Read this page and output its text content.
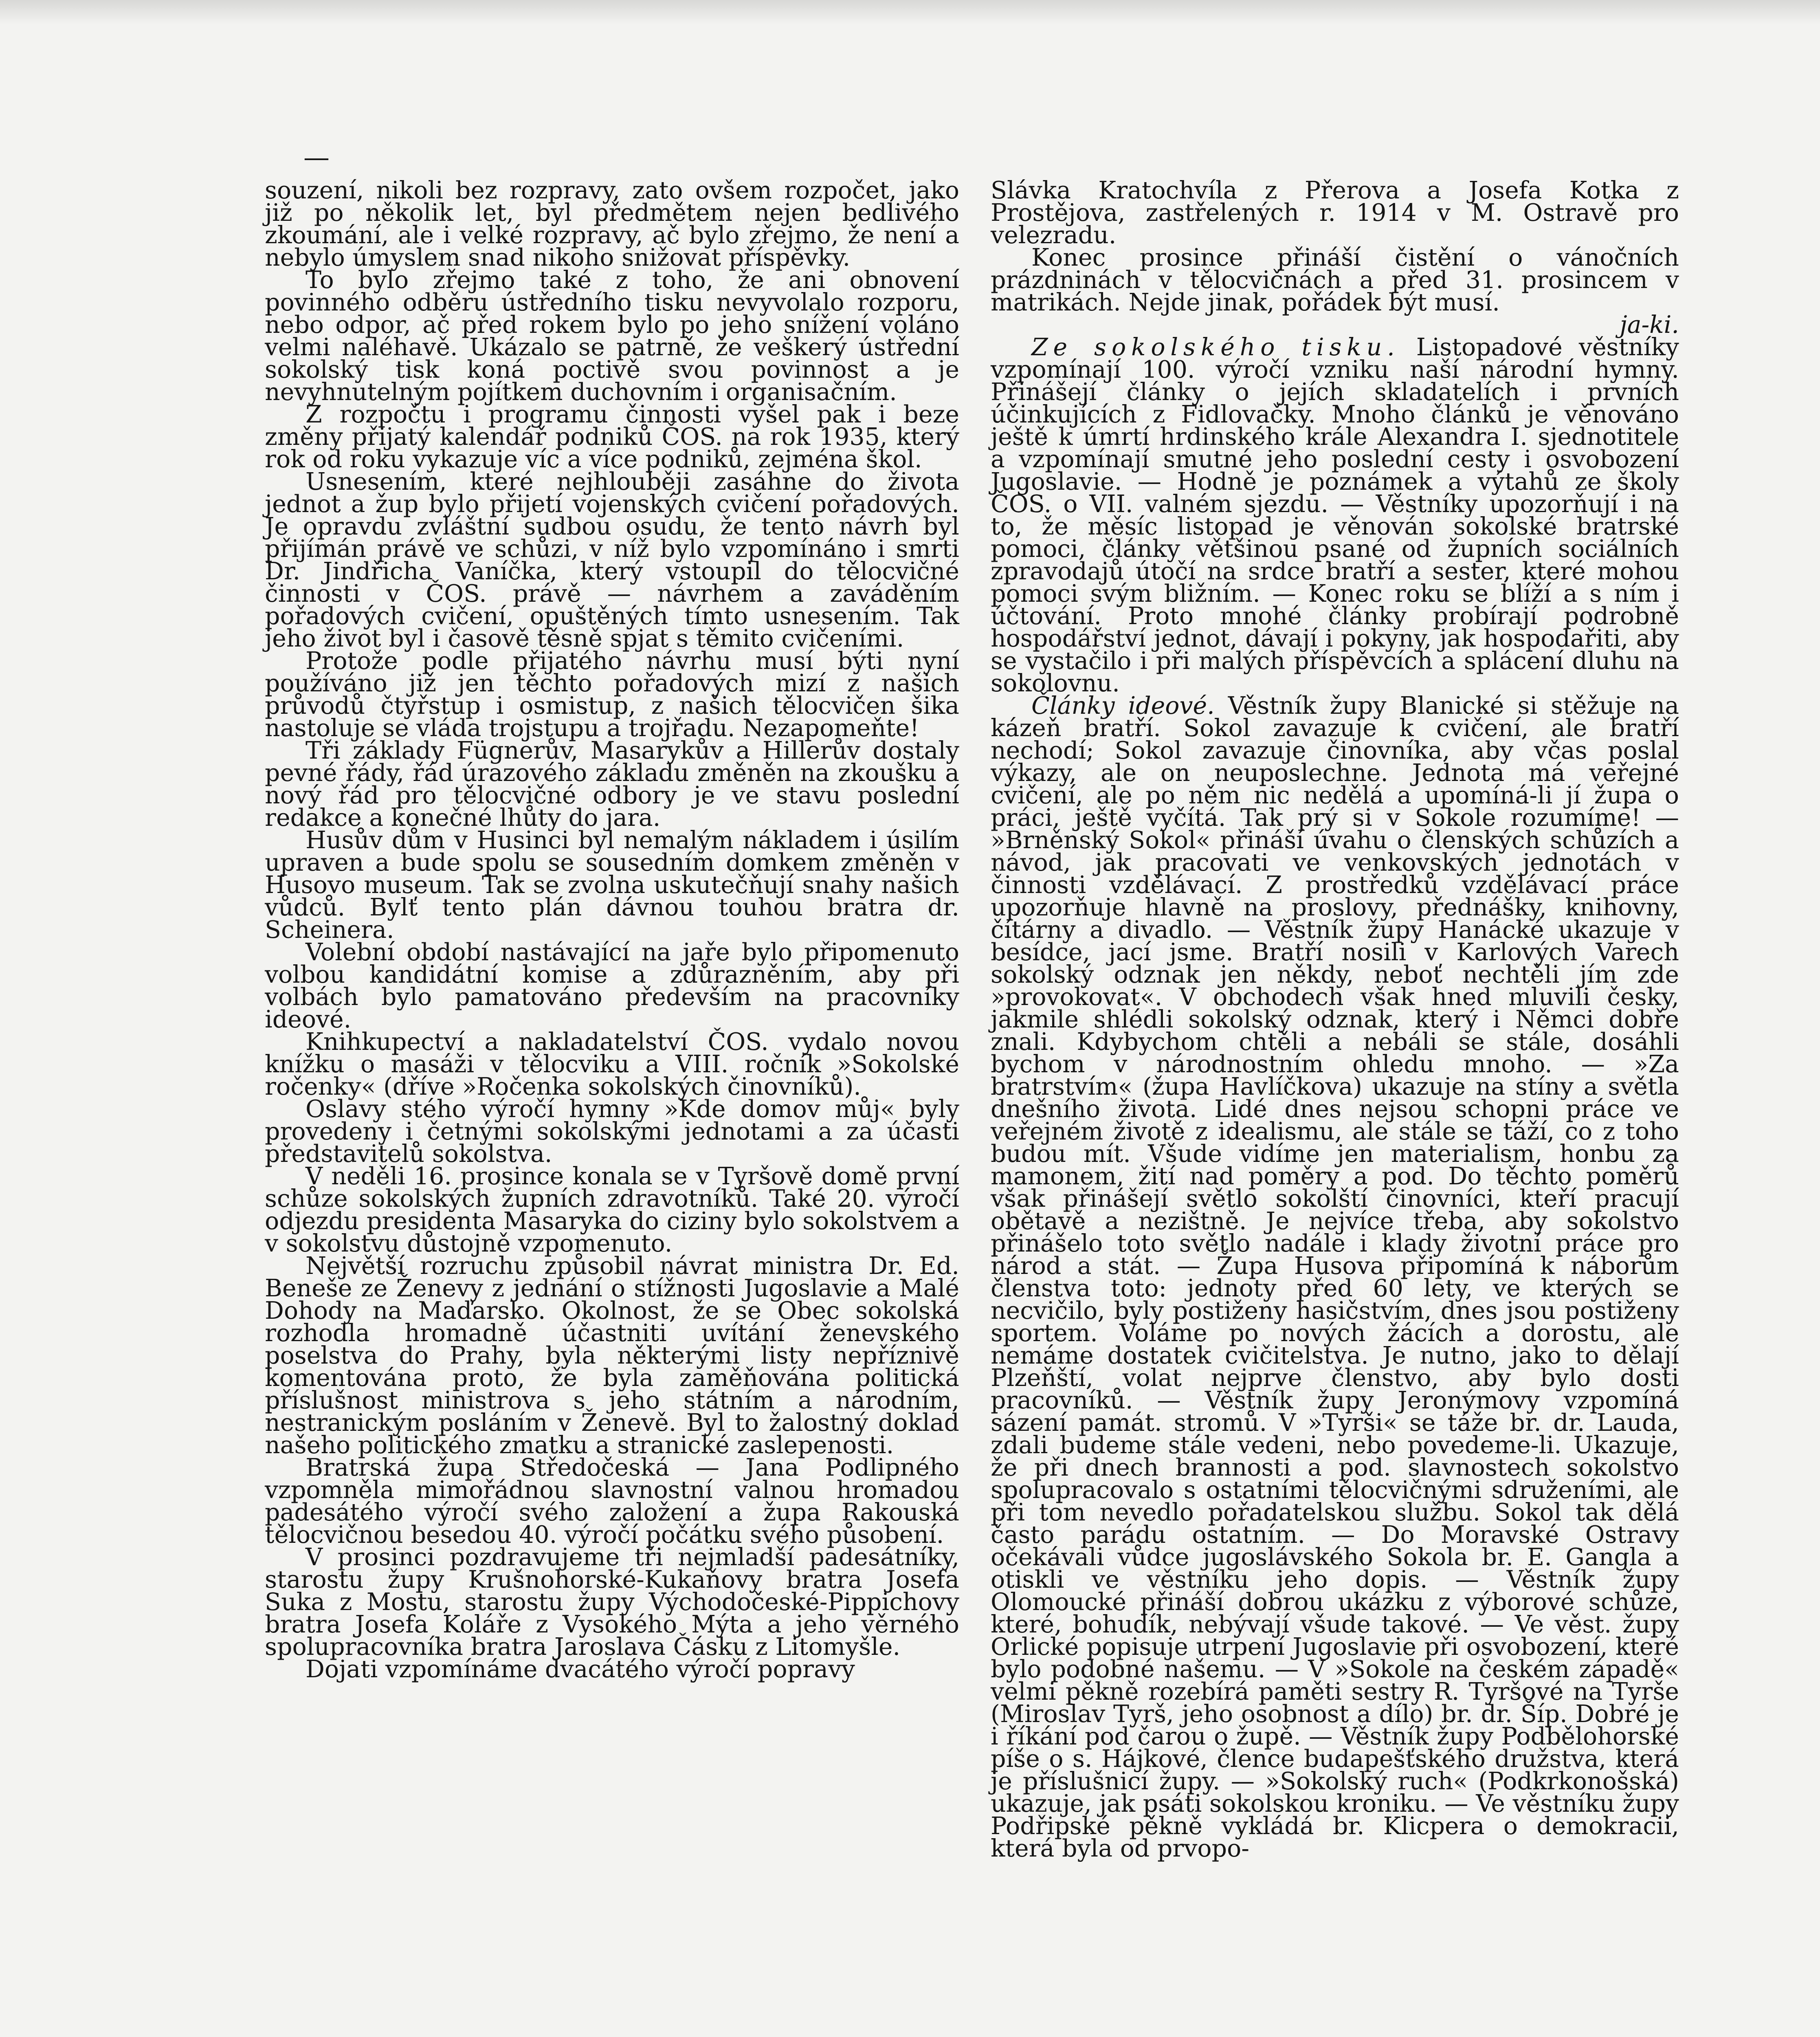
—

souzení, nikoli bez rozpravy, zato ovšem rozpočet, jako již po několik let, byl předmětem nejen bedlivého zkoumání, ale i velké rozpravy, ač bylo zřejmo, že není a nebylo úmyslem snad nikoho snižovat příspěvky.

To bylo zřejmo také z toho, že ani obnovení povinného odběru ústředního tisku nevyvolalo rozporu, nebo odpor, ač před rokem bylo po jeho snížení voláno velmi naléhavě. Ukázalo se patrně, že veškerý ústřední sokolský tisk koná poctivě svou povinnost a je nevyhnutelným pojítkem duchovním i organisačním.

Z rozpočtu i programu činnosti vyšel pak i beze změny přijatý kalendář podniků ČOS. na rok 1935, který rok od roku vykazuje víc a více podniků, zejména škol.

Usnesením, které nejhlouběji zasáhne do života jednot a žup bylo přijetí vojenských cvičení pořadových. Je opravdu zvláštní sudbou osudu, že tento návrh byl přijímán právě ve schůzi, v níž bylo vzpomínáno i smrti Dr. Jindřicha Vaníčka, který vstoupil do tělocvičné činnosti v ČOS. právě — návrhem a zaváděním pořadových cvičení, opuštěných tímto usnesením. Tak jeho život byl i časově těsně spjat s těmito cvičeními.

Protože podle přijatého návrhu musí býti nyní používáno již jen těchto pořadových mizí z našich průvodů čtyřstup i osmistup, z našich tělocvičen šika nastoluje se vláda trojstupu a trojřadu. Nezapomeňte!

Tři základy Fügnerův, Masarykův a Hillerův dostaly pevné řády, řád úrazového základu změněn na zkoušku a nový řád pro tělocvičné odbory je ve stavu poslední redakce a konečné lhůty do jara.

Husův dům v Husinci byl nemalým nákladem i úsilím upraven a bude spolu se sousedním domkem změněn v Husovo museum. Tak se zvolna uskutečňují snahy našich vůdců. Bylť tento plán dávnou touhou bratra dr. Scheinera.

Volební období nastávající na jaře bylo připomenuto volbou kandidátní komise a zdůrazněním, aby při volbách bylo pamatováno především na pracovníky ideové.

Knihkupectví a nakladatelství ČOS. vydalo novou knížku o masáži v tělocviku a VIII. ročník »Sokolské ročenky« (dříve »Ročenka sokolských činovníků).

Oslavy stého výročí hymny »Kde domov můj« byly provedeny i četnými sokolskými jednotami a za účasti představitelů sokolstva.

V neděli 16. prosince konala se v Tyršově domě první schůze sokolských župních zdravotníků. Také 20. výročí odjezdu presidenta Masaryka do ciziny bylo sokolstvem a v sokolstvu důstojně vzpomenuto.

Největší rozruchu způsobil návrat ministra Dr. Ed. Beneše ze Ženevy z jednání o stížnosti Jugoslavie a Malé Dohody na Maďarsko. Okolnost, že se Obec sokolská rozhodla hromadně účastniti uvítání ženevského poselstva do Prahy, byla některými listy nepříznivě komentována proto, že byla zaměňována politická příslušnost ministrova s jeho státním a národním, nestranickým posláním v Ženevě. Byl to žalostný doklad našeho politického zmatku a stranické zaslepenosti.

Bratrská župa Středočeská — Jana Podlipného vzpomněla mimořádnou slavnostní valnou hromadou padesátého výročí svého založení a župa Rakouská tělocvičnou besedou 40. výročí počátku svého působení.

V prosinci pozdravujeme tři nejmladší padesátníky, starostu župy Krušnohorské-Kukaňovy bratra Josefa Suka z Mostu, starostu župy Východočeské-Pippichovy bratra Josefa Koláře z Vysokého Mýta a jeho věrného spolupracovníka bratra Jaroslava Čásku z Litomyšle.

Dojati vzpomínáme dvacátého výročí popravy

Slávka Kratochvíla z Přerova a Josefa Kotka z Prostějova, zastřelených r. 1914 v M. Ostravě pro velezradu.

Konec prosince přináší čistění o vánočních prázdninách v tělocvičnách a před 31. prosincem v matrikách. Nejde jinak, pořádek být musí.

ja-ki.

Ze sokolského tisku. Listopadové věstníky vzpomínají 100. výročí vzniku naší národní hymny. Přinášejí články o jejích skladatelích i prvních účinkujících z Fidlovačky. Mnoho článků je věnováno ještě k úmrtí hrdinského krále Alexandra I. sjednotitele a vzpomínají smutné jeho poslední cesty i osvobození Jugoslavie. — Hodně je poznámek a výtahů ze školy ČOS. o VII. valném sjezdu. — Věstníky upozorňují i na to, že měsíc listopad je věnován sokolské bratrské pomoci, články většinou psané od župních sociálních zpravodajů útočí na srdce bratří a sester, které mohou pomoci svým bližním. — Konec roku se blíží a s ním i účtování. Proto mnohé články probírají podrobně hospodářství jednot, dávají i pokyny, jak hospodařiti, aby se vystačilo i při malých příspěvcích a splácení dluhu na sokolovnu.

Články ideové. Věstník župy Blanické si stěžuje na kázeň bratří. Sokol zavazuje k cvičení, ale bratří nechodí; Sokol zavazuje činovníka, aby včas poslal výkazy, ale on neuposlechne. Jednota má veřejné cvičení, ale po něm nic nedělá a upomíná-li jí župa o práci, ještě vyčítá. Tak prý si v Sokole rozumíme! — »Brněnský Sokol« přináší úvahu o členských schůzích a návod, jak pracovati ve venkovských jednotách v činnosti vzdělávací. Z prostředků vzdělávací práce upozorňuje hlavně na proslovy, přednášky, knihovny, čítárny a divadlo. — Věstník župy Hanácké ukazuje v besídce, jací jsme. Bratří nosili v Karlových Varech sokolský odznak jen někdy, neboť nechtěli jím zde »provokovat«. V obchodech však hned mluvili česky, jakmile shlédli sokolský odznak, který i Němci dobře znali. Kdybychom chtěli a nebáli se stále, dosáhli bychom v národnostním ohledu mnoho. — »Za bratrstvím« (župa Havlíčkova) ukazuje na stíny a světla dnešního života. Lidé dnes nejsou schopni práce ve veřejném životě z idealismu, ale stále se táží, co z toho budou mít. Všude vidíme jen materialism, honbu za mamonem, žití nad poměry a pod. Do těchto poměrů však přinášejí světlo sokolští činovníci, kteří pracují obětavě a nezištně. Je nejvíce třeba, aby sokolstvo přinášelo toto světlo nadále i klady životní práce pro národ a stát. — Župa Husova připomíná k náborům členstva toto: jednoty před 60 lety, ve kterých se necvičilo, byly postiženy hasičstvím, dnes jsou postiženy sportem. Voláme po nových žácích a dorostu, ale nemáme dostatek cvičitelstva. Je nutno, jako to dělají Plzeňští, volat nejprve členstvo, aby bylo dosti pracovníků. — Věstník župy Jeronýmovy vzpomíná sázení památ. stromů. V »Tyrši« se táže br. dr. Lauda, zdali budeme stále vedeni, nebo povedeme-li. Ukazuje, že při dnech brannosti a pod. slavnostech sokolstvo spolupracovalo s ostatními tělocvičnými sdruženími, ale při tom nevedlo pořadatelskou službu. Sokol tak dělá často parádu ostatním. — Do Moravské Ostravy očekávali vůdce jugoslávského Sokola br. E. Gangla a otiskli ve věstníku jeho dopis. — Věstník župy Olomoucké přináší dobrou ukázku z výborové schůze, které, bohudík, nebývají všude takové. — Ve věst. župy Orlické popisuje utrpení Jugoslavie při osvobození, které bylo podobné našemu. — V »Sokole na českém západě« velmi pěkně rozebírá paměti sestry R. Tyršové na Tyrše (Miroslav Tyrš, jeho osobnost a dílo) br. dr. Šíp. Dobré je i říkání pod čarou o župě. — Věstník župy Podbělohorské píše o s. Hájkové, člence budapešťského družstva, která je příslušnicí župy. — »Sokolský ruch« (Podkrkonošská) ukazuje, jak psáti sokolskou kroniku. — Ve věstníku župy Podřipské pěkně vykládá br. Klicpera o demokracii, která byla od prvopo-
